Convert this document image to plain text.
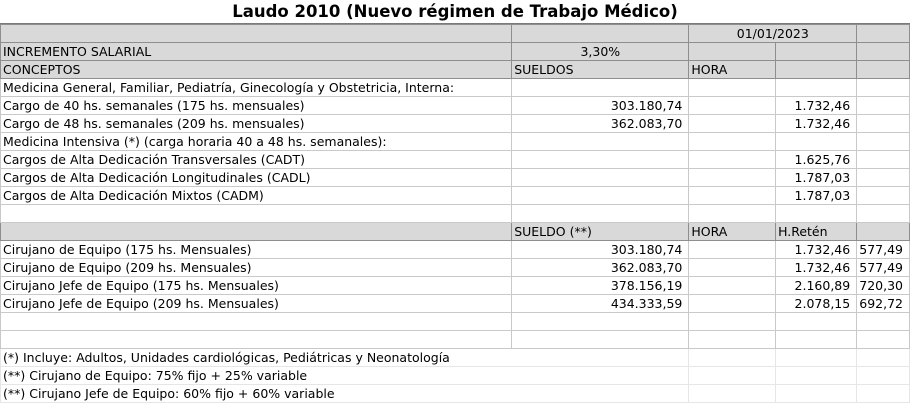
Laudo 2010 (Nuevo régimen de Trabajo Médico)
		01/01/2023		
INCREMENTO SALARIAL	3,30%			
CONCEPTOS	SUELDOS	HORA		
Medicina General, Familiar, Pediatría, Ginecología y Obstetricia, Interna:				
Cargo de 40 hs. semanales (175 hs. mensuales)	303.180,74		1.732,46	
Cargo de 48 hs. semanales (209 hs. mensuales)	362.083,70		1.732,46	
Medicina Intensiva (*) (carga horaria 40 a 48 hs. semanales):				
Cargos de Alta Dedicación Transversales (CADT)			1.625,76	
Cargos de Alta Dedicación Longitudinales (CADL)			1.787,03	
Cargos de Alta Dedicación Mixtos (CADM)			1.787,03	

	SUELDO (**)	HORA	H.Retén	
Cirujano de Equipo (175 hs. Mensuales)	303.180,74		1.732,46	577,49
Cirujano de Equipo (209 hs. Mensuales)	362.083,70		1.732,46	577,49
Cirujano Jefe de Equipo (175 hs. Mensuales)	378.156,19		2.160,89	720,30
Cirujano Jefe de Equipo (209 hs. Mensuales)	434.333,59		2.078,15	692,72

(*) Incluye: Adultos, Unidades cardiológicas, Pediátricas y Neonatología				
(**) Cirujano de Equipo: 75% fijo + 25% variable				
(**) Cirujano Jefe de Equipo: 60% fijo + 60% variable				
